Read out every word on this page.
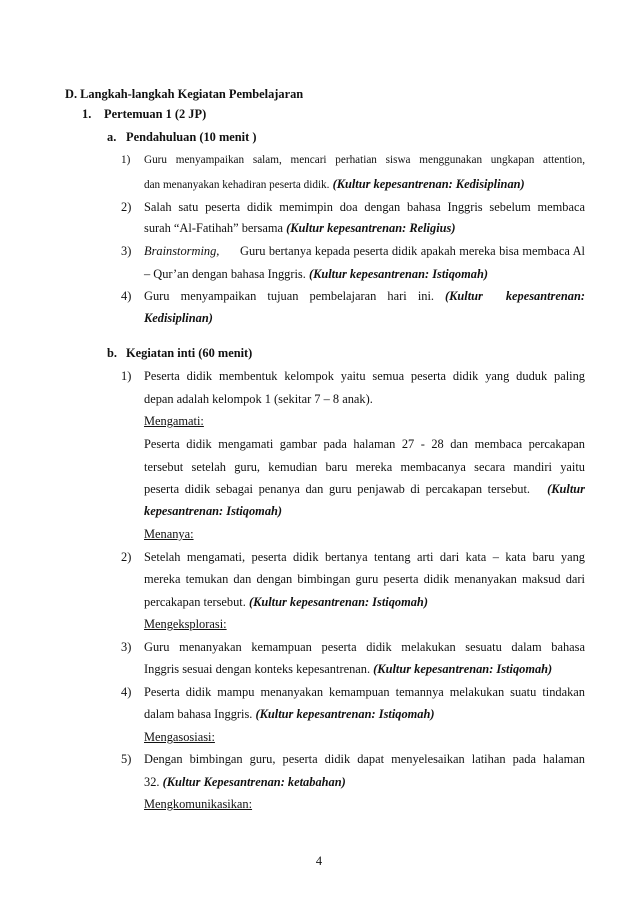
D. Langkah-langkah Kegiatan Pembelajaran
1. Pertemuan 1 (2 JP)
a. Pendahuluan (10 menit )
1) Guru menyampaikan salam, mencari perhatian siswa menggunakan ungkapan attention,
dan menanyakan kehadiran peserta didik. (Kultur kepesantrenan: Kedisiplinan)
2) Salah satu peserta didik memimpin doa dengan bahasa Inggris sebelum membaca
surah “Al-Fatihah” bersama (Kultur kepesantrenan: Religius)
3) Brainstorming, Guru bertanya kepada peserta didik apakah mereka bisa membaca Al
– Qur’an dengan bahasa Inggris. (Kultur kepesantrenan: Istiqomah)
4) Guru menyampaikan tujuan pembelajaran hari ini. (Kultur kepesantrenan:
Kedisiplinan)
b. Kegiatan inti (60 menit)
1) Peserta didik membentuk kelompok yaitu semua peserta didik yang duduk paling
depan adalah kelompok 1 (sekitar 7 – 8 anak).
Mengamati:
Peserta didik mengamati gambar pada halaman 27 - 28 dan membaca percakapan
tersebut setelah guru, kemudian baru mereka membacanya secara mandiri yaitu
peserta didik sebagai penanya dan guru penjawab di percakapan tersebut. (Kultur
kepesantrenan: Istiqomah)
Menanya:
2) Setelah mengamati, peserta didik bertanya tentang arti dari kata – kata baru yang
mereka temukan dan dengan bimbingan guru peserta didik menanyakan maksud dari
percakapan tersebut. (Kultur kepesantrenan: Istiqomah)
Mengeksplorasi:
3) Guru menanyakan kemampuan peserta didik melakukan sesuatu dalam bahasa
Inggris sesuai dengan konteks kepesantrenan. (Kultur kepesantrenan: Istiqomah)
4) Peserta didik mampu menanyakan kemampuan temannya melakukan suatu tindakan
dalam bahasa Inggris. (Kultur kepesantrenan: Istiqomah)
Mengasosiasi:
5) Dengan bimbingan guru, peserta didik dapat menyelesaikan latihan pada halaman
32. (Kultur Kepesantrenan: ketabahan)
Mengkomunikasikan:
4
